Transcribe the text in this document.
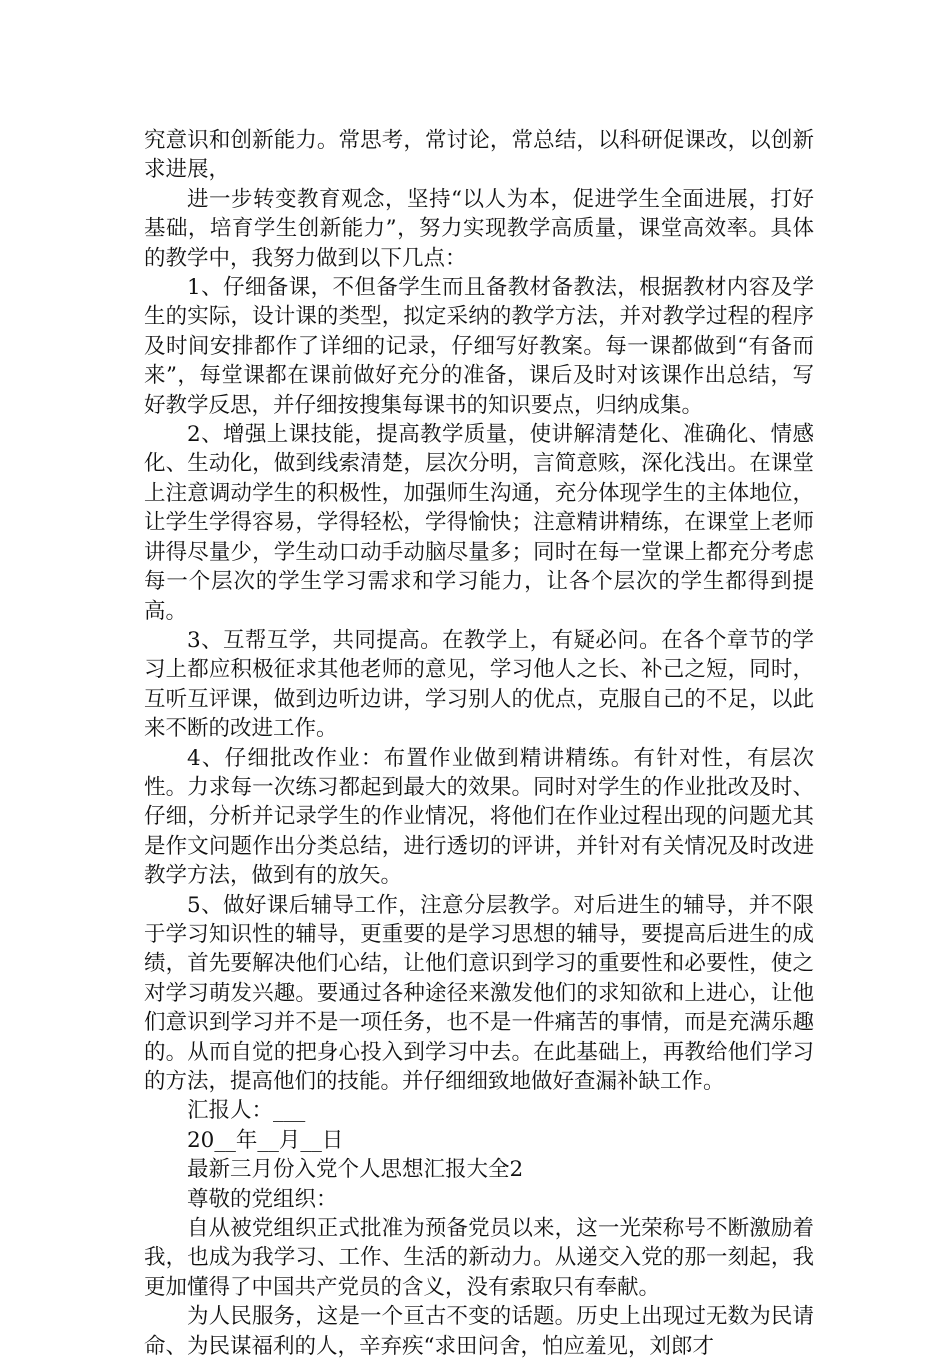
究意识和创新能力。常思考，常讨论，常总结，以科研促课改，以创新求进展，

进一步转变教育观念，坚持“以人为本，促进学生全面进展，打好基础，培育学生创新能力”，努力实现教学高质量，课堂高效率。具体的教学中，我努力做到以下几点：

1、仔细备课，不但备学生而且备教材备教法，根据教材内容及学生的实际，设计课的类型，拟定采纳的教学方法，并对教学过程的程序及时间安排都作了详细的记录，仔细写好教案。每一课都做到“有备而来”，每堂课都在课前做好充分的准备，课后及时对该课作出总结，写好教学反思，并仔细按搜集每课书的知识要点，归纳成集。

2、增强上课技能，提高教学质量，使讲解清楚化、准确化、情感化、生动化，做到线索清楚，层次分明，言简意赅，深化浅出。在课堂上注意调动学生的积极性，加强师生沟通，充分体现学生的主体地位，让学生学得容易，学得轻松，学得愉快；注意精讲精练，在课堂上老师讲得尽量少，学生动口动手动脑尽量多；同时在每一堂课上都充分考虑每一个层次的学生学习需求和学习能力，让各个层次的学生都得到提高。

3、互帮互学，共同提高。在教学上，有疑必问。在各个章节的学习上都应积极征求其他老师的意见，学习他人之长、补己之短，同时，互听互评课，做到边听边讲，学习别人的优点，克服自己的不足，以此来不断的改进工作。

4、仔细批改作业：布置作业做到精讲精练。有针对性，有层次性。力求每一次练习都起到最大的效果。同时对学生的作业批改及时、仔细，分析并记录学生的作业情况，将他们在作业过程出现的问题尤其是作文问题作出分类总结，进行透切的评讲，并针对有关情况及时改进教学方法，做到有的放矢。

5、做好课后辅导工作，注意分层教学。对后进生的辅导，并不限于学习知识性的辅导，更重要的是学习思想的辅导，要提高后进生的成绩，首先要解决他们心结，让他们意识到学习的重要性和必要性，使之对学习萌发兴趣。要通过各种途径来激发他们的求知欲和上进心，让他们意识到学习并不是一项任务，也不是一件痛苦的事情，而是充满乐趣的。从而自觉的把身心投入到学习中去。在此基础上，再教给他们学习的方法，提高他们的技能。并仔细细致地做好查漏补缺工作。

汇报人：___

20__年__月__日

最新三月份入党个人思想汇报大全2

尊敬的党组织：

自从被党组织正式批准为预备党员以来，这一光荣称号不断激励着我，也成为我学习、工作、生活的新动力。从递交入党的那一刻起，我更加懂得了中国共产党员的含义，没有索取只有奉献。

为人民服务，这是一个亘古不变的话题。历史上出现过无数为民请命、为民谋福利的人，辛弃疾“求田问舍，怕应羞见，刘郎才
